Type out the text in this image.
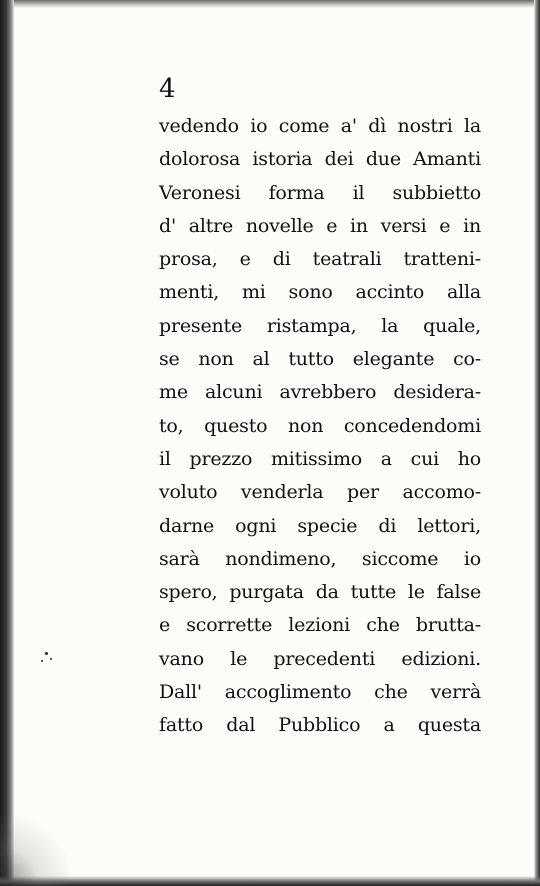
4
vedendo io come a' dì nostri la
dolorosa istoria dei due Amanti
Veronesi forma il subbietto
d' altre novelle e in versi e in
prosa, e di teatrali tratteni-
menti, mi sono accinto alla
presente ristampa, la quale,
se non al tutto elegante co-
me alcuni avrebbero desidera-
to, questo non concedendomi
il prezzo mitissimo a cui ho
voluto venderla per accomo-
darne ogni specie di lettori,
sarà nondimeno, siccome io
spero, purgata da tutte le false
e scorrette lezioni che brutta-
vano le precedenti edizioni.
Dall' accoglimento che verrà
fatto dal Pubblico a questa
